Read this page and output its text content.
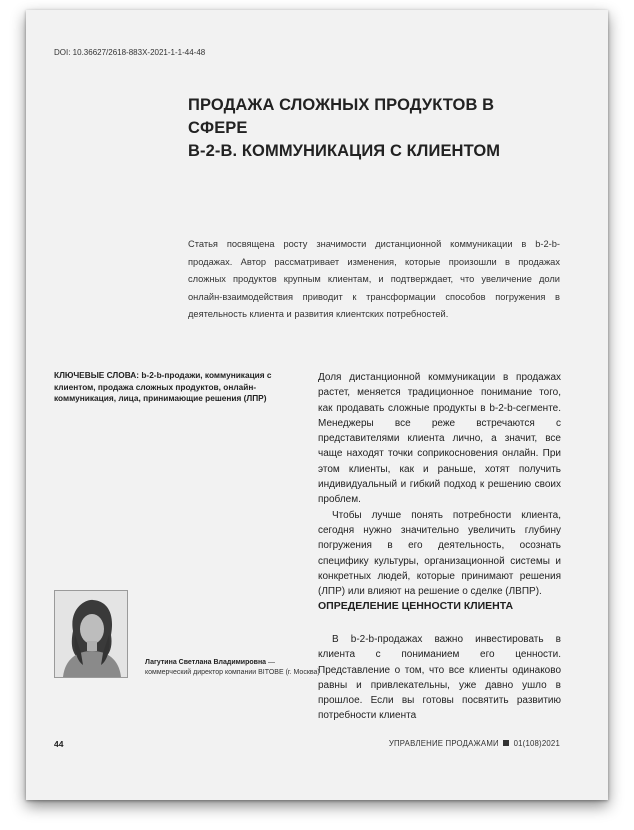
DOI: 10.36627/2618-883X-2021-1-1-44-48
ПРОДАЖА СЛОЖНЫХ ПРОДУКТОВ В СФЕРЕ
B-2-B. КОММУНИКАЦИЯ С КЛИЕНТОМ

Статья посвящена росту значимости дистанционной коммуникации в b-2-b-продажах. Автор рассматривает изменения, которые произошли в продажах сложных продуктов крупным клиентам, и подтверждает, что увеличение доли онлайн-взаимодействия приводит к трансформации способов погружения в деятельность клиента и развития клиентских потребностей.

КЛЮЧЕВЫЕ СЛОВА: b-2-b-продажи, коммуникация с клиентом, продажа сложных продуктов, онлайн-коммуникация, лица, принимающие решения (ЛПР)

Доля дистанционной коммуникации в продажах растет, меняется традиционное понимание того, как продавать сложные продукты в b-2-b-сегменте. Менеджеры все реже встречаются с представителями клиента лично, а значит, все чаще находят точки соприкосновения онлайн. При этом клиенты, как и раньше, хотят получить индивидуальный и гибкий подход к решению своих проблем.

Чтобы лучше понять потребности клиента, сегодня нужно значительно увеличить глубину погружения в его деятельность, осознать специфику культуры, организационной системы и конкретных людей, которые принимают решения (ЛПР) или влияют на решение о сделке (ЛВПР).

ОПРЕДЕЛЕНИЕ ЦЕННОСТИ КЛИЕНТА

В b-2-b-продажах важно инвестировать в клиента с пониманием его ценности. Представление о том, что все клиенты одинаково равны и привлекательны, уже давно ушло в прошлое. Если вы готовы посвятить развитию потребности клиента

Лагутина Светлана Владимировна — коммерческий директор компании BITOBE (г. Москва)

44	УПРАВЛЕНИЕ ПРОДАЖАМИ 01(108)2021
